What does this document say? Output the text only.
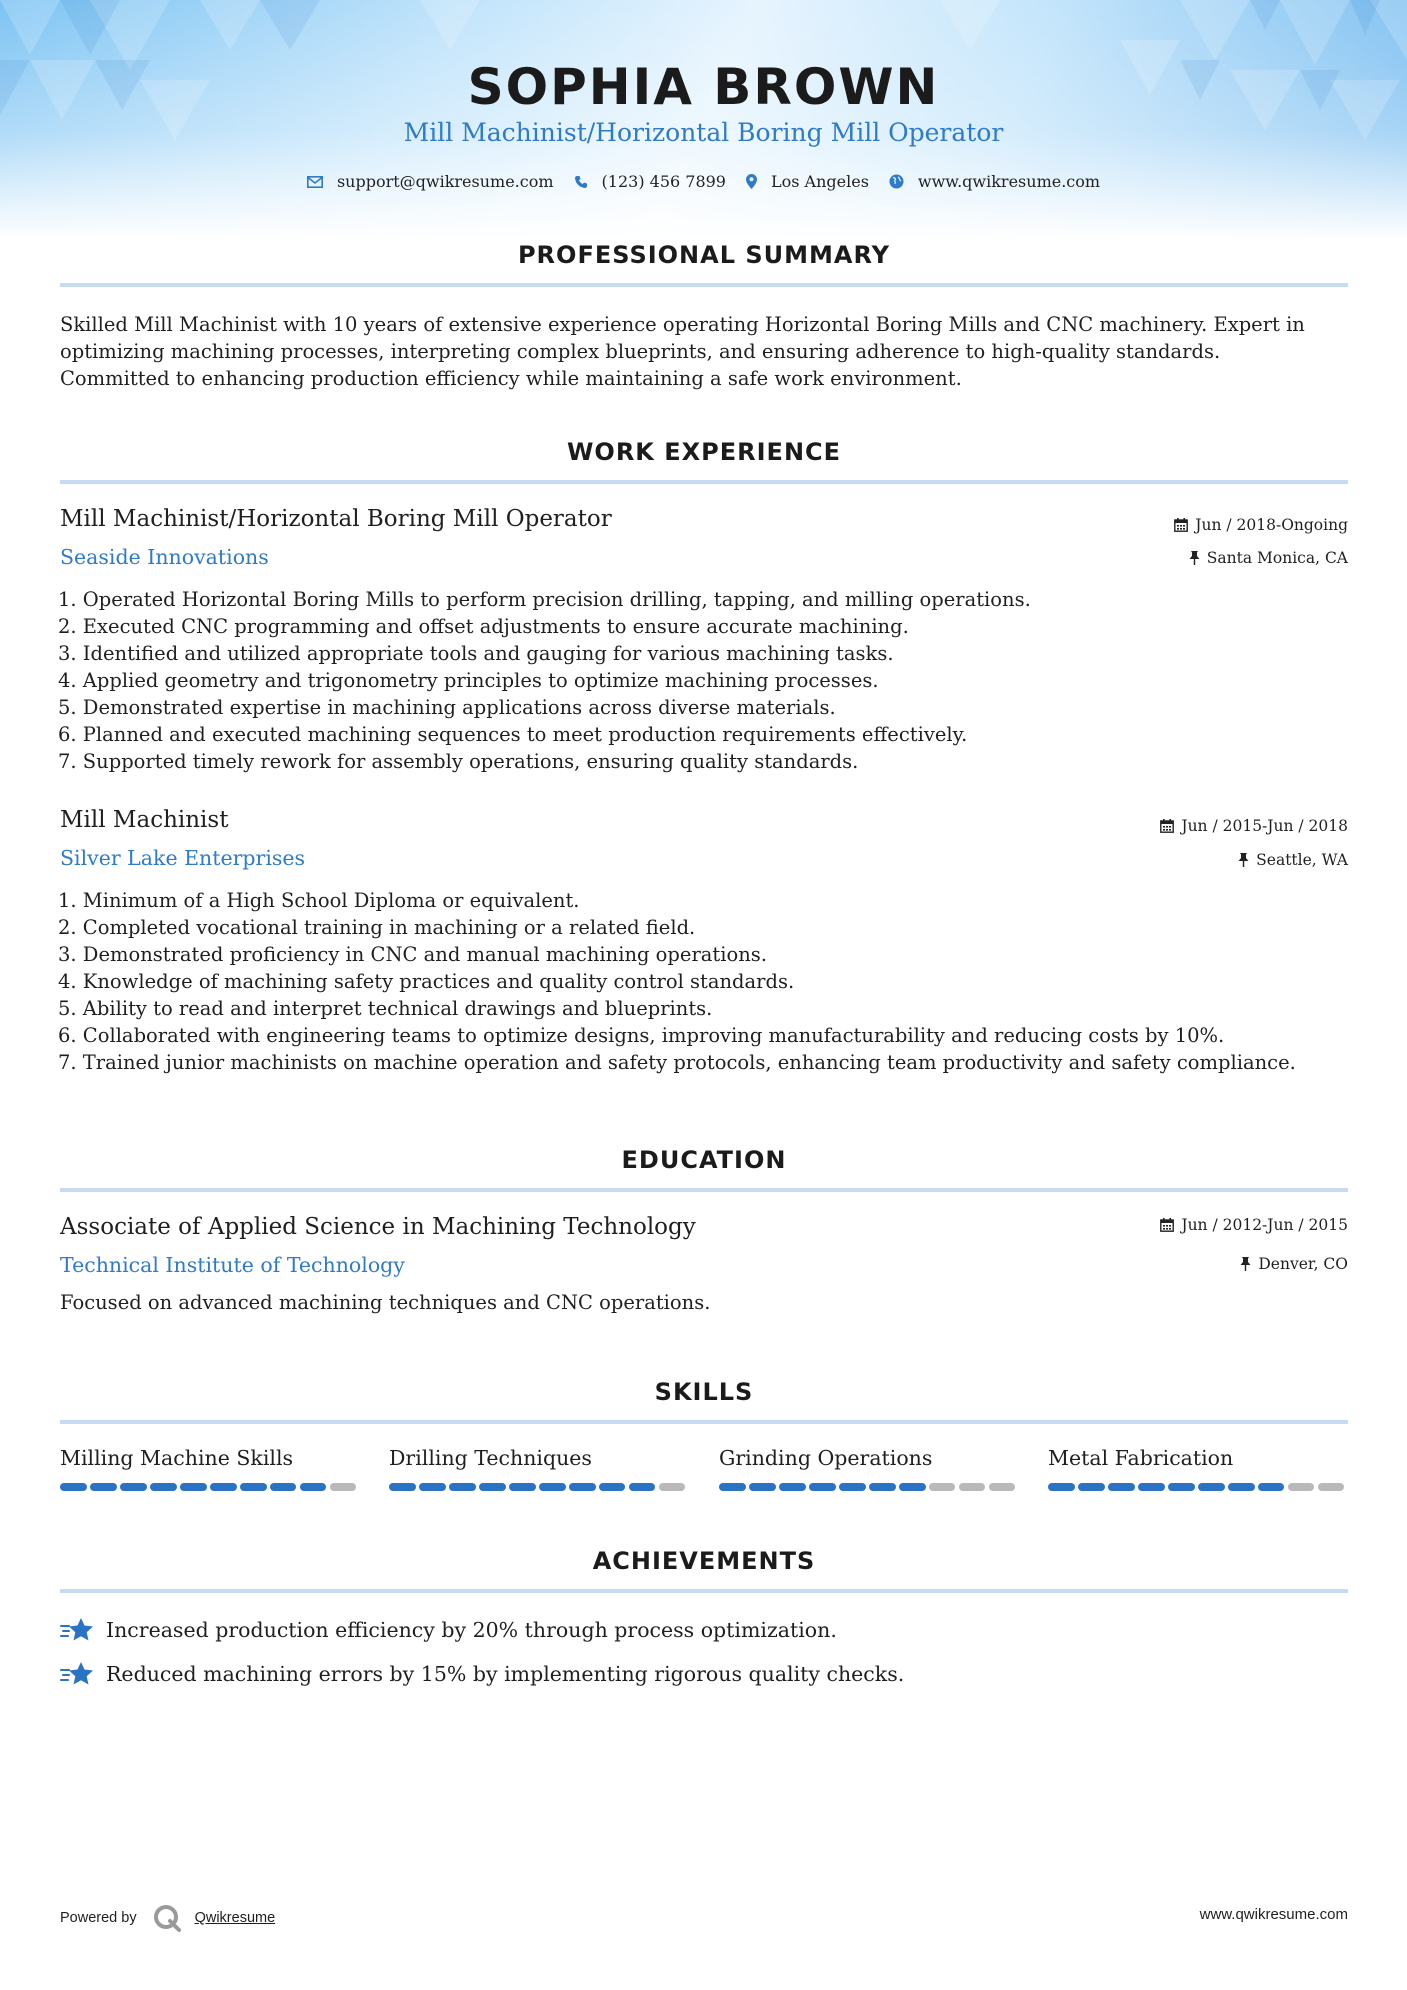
SOPHIA BROWN
Mill Machinist/Horizontal Boring Mill Operator
support@qwikresume.com	(123) 456 7899	Los Angeles	www.qwikresume.com
PROFESSIONAL SUMMARY
Skilled Mill Machinist with 10 years of extensive experience operating Horizontal Boring Mills and CNC machinery. Expert in
optimizing machining processes, interpreting complex blueprints, and ensuring adherence to high-quality standards.
Committed to enhancing production efficiency while maintaining a safe work environment.
WORK EXPERIENCE
Mill Machinist/Horizontal Boring Mill Operator	Jun / 2018-Ongoing
Seaside Innovations	Santa Monica, CA
1. Operated Horizontal Boring Mills to perform precision drilling, tapping, and milling operations.
2. Executed CNC programming and offset adjustments to ensure accurate machining.
3. Identified and utilized appropriate tools and gauging for various machining tasks.
4. Applied geometry and trigonometry principles to optimize machining processes.
5. Demonstrated expertise in machining applications across diverse materials.
6. Planned and executed machining sequences to meet production requirements effectively.
7. Supported timely rework for assembly operations, ensuring quality standards.
Mill Machinist	Jun / 2015-Jun / 2018
Silver Lake Enterprises	Seattle, WA
1. Minimum of a High School Diploma or equivalent.
2. Completed vocational training in machining or a related field.
3. Demonstrated proficiency in CNC and manual machining operations.
4. Knowledge of machining safety practices and quality control standards.
5. Ability to read and interpret technical drawings and blueprints.
6. Collaborated with engineering teams to optimize designs, improving manufacturability and reducing costs by 10%.
7. Trained junior machinists on machine operation and safety protocols, enhancing team productivity and safety compliance.
EDUCATION
Associate of Applied Science in Machining Technology	Jun / 2012-Jun / 2015
Technical Institute of Technology	Denver, CO
Focused on advanced machining techniques and CNC operations.
SKILLS
Milling Machine Skills	Drilling Techniques	Grinding Operations	Metal Fabrication
ACHIEVEMENTS
Increased production efficiency by 20% through process optimization.
Reduced machining errors by 15% by implementing rigorous quality checks.
Powered by	Qwikresume	www.qwikresume.com
